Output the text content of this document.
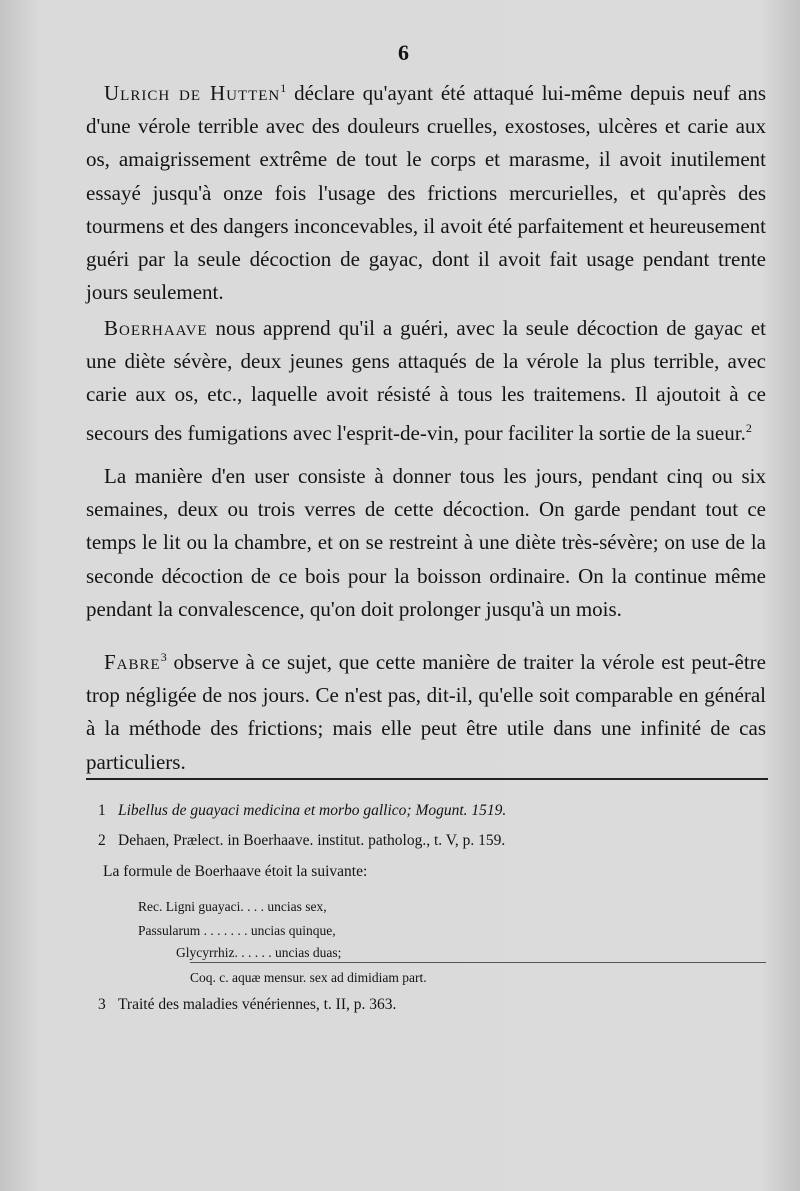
6

Ulrich de Hutten$^1$ déclare qu'ayant été attaqué lui-même depuis neuf ans d'une vérole terrible avec des douleurs cruelles, exostoses, ulcères et carie aux os, amaigrissement extrême de tout le corps et marasme, il avoit inutilement essayé jusqu'à onze fois l'usage des frictions mercurielles, et qu'après des tourmens et des dangers inconcevables, il avoit été parfaitement et heureusement guéri par la seule décoction de gayac, dont il avoit fait usage pendant trente jours seulement.

Boerhaave nous apprend qu'il a guéri, avec la seule décoction de gayac et une diète sévère, deux jeunes gens attaqués de la vérole la plus terrible, avec carie aux os, etc., laquelle avoit résisté à tous les traitemens. Il ajoutoit à ce secours des fumigations avec l'esprit-de-vin, pour faciliter la sortie de la sueur.$^2$

La manière d'en user consiste à donner tous les jours, pendant cinq ou six semaines, deux ou trois verres de cette décoction. On garde pendant tout ce temps le lit ou la chambre, et on se restreint à une diète très-sévère; on use de la seconde décoction de ce bois pour la boisson ordinaire. On la continue même pendant la convalescence, qu'on doit prolonger jusqu'à un mois.

Fabre$^3$ observe à ce sujet, que cette manière de traiter la vérole est peut-être trop négligée de nos jours. Ce n'est pas, dit-il, qu'elle soit comparable en général à la méthode des frictions; mais elle peut être utile dans une infinité de cas particuliers.

1 Libellus de guayaci medicina et morbo gallico; Mogunt. 1519.

2 Dehaen, Prælect. in Boerhaave. institut. patholog., t. V, p. 159.

La formule de Boerhaave étoit la suivante:

Rec. Ligni guayaci. . . . uncias sex,

Passularum . . . . . . . uncias quinque,

Glycyrrhiz. . . . . . uncias duas;

Coq. c. aquæ mensur. sex ad dimidiam part.

3 Traité des maladies vénériennes, t. II, p. 363.
